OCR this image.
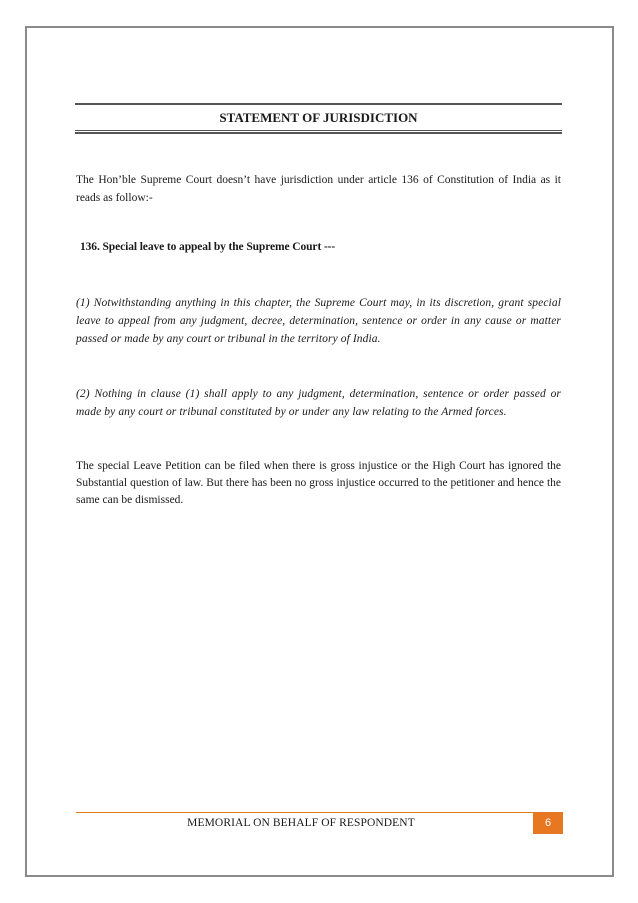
STATEMENT OF JURISDICTION

The Hon’ble Supreme Court doesn’t have jurisdiction under article 136 of Constitution of India as it reads as follow:-

136. Special leave to appeal by the Supreme Court ---

(1) Notwithstanding anything in this chapter, the Supreme Court may, in its discretion, grant special leave to appeal from any judgment, decree, determination, sentence or order in any cause or matter passed or made by any court or tribunal in the territory of India.

(2) Nothing in clause (1) shall apply to any judgment, determination, sentence or order passed or made by any court or tribunal constituted by or under any law relating to the Armed forces.

The special Leave Petition can be filed when there is gross injustice or the High Court has ignored the Substantial question of law. But there has been no gross injustice occurred to the petitioner and hence the same can be dismissed.

MEMORIAL ON BEHALF OF RESPONDENT	6
